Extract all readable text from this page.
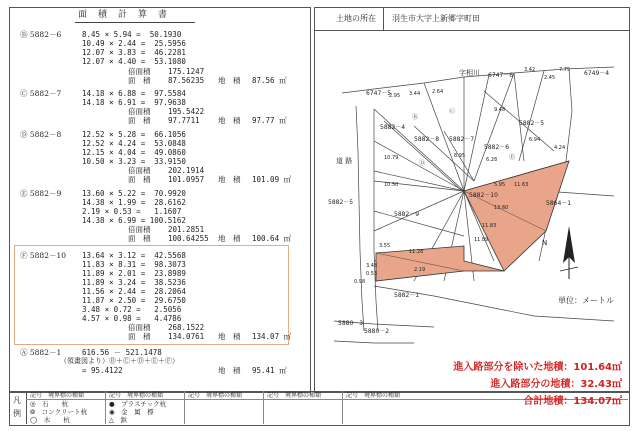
面　積　計　算　書	土地の所在 羽生市大字上新郷字町田
Ⓑ 5882－6	8.45 × 5.94 =  50.1930
10.49 × 2.44 =  25.5956
12.07 × 3.83 =  46.2281
12.07 × 4.40 =  53.1080
倍面積 175.1247
面　積 87.56235 地　積 87.56 ㎡
Ⓒ 5882－7	14.18 × 6.88 =  97.5584
14.18 × 6.91 =  97.9638
倍面積 195.5422
面　積 97.7711 地　積 97.77 ㎡
Ⓓ 5882－8	12.52 × 5.28 =  66.1056
12.52 × 4.24 =  53.0848
12.15 × 4.04 =  49.0860
10.50 × 3.23 =  33.9150
倍面積 202.1914
面　積 101.0957 地　積 101.09 ㎡
Ⓔ 5882－9	13.60 × 5.22 =  70.9920
14.38 × 1.99 =  28.6162
2.19 × 0.53 =   1.1607
14.38 × 6.99 = 100.5162
倍面積 201.2851
面　積 100.64255 地　積 100.64 ㎡
Ⓕ 5882－10 13.64 × 3.12 =  42.5568
11.83 × 8.31 =  98.3073
11.89 × 2.01 =  23.8989
11.89 × 3.24 =  38.5236
11.56 × 2.44 =  28.2064
11.87 × 2.50 =  29.6750
3.48 × 0.72 =   2.5056
4.57 × 0.98 =   4.4786
倍面積 268.1522
面　積 134.0761 地　積 134.07 ㎡
Ⓐ 5882－1	616.56 － 521.1478
（領畫図より）Ⓑ＋Ⓒ＋Ⓓ＋Ⓔ＋Ⓕ）
= 95.4122	地　積 95.41 ㎡
凡　例
記号　境界標の種類
◎　石　　杭
⦾　コンクリート杭
◯　木　　杭
記号　境界標の種類
●　プラスチック杭
◉　金　属　標
△　鋲
記号　境界標の種類	記号　境界標の種類	記号　境界標の種類
字相川 6747－6
6747－5
6749－4
5882－4
5882－5
5882－8 5882－7
5882－6
5882－9
5882－10
5882－5	5864－1
5882－1
5880－3
5880－2
道 路
Ⓑ
Ⓒ
Ⓓ
Ⓔ
N
2.45
3.42	7.75
2.95 3.44 2.64
10.79
9.48
6.94
4.24
5.95 11.63
10.50
13.60
11.83
11.89
11.28
3.55
3.48
2.19
0.53
0.98
8.95
6.28
単位：メートル
進入路部分を除いた地積：101.64㎡
進入路部分の地積：32.43㎡
合計地積：134.07㎡
